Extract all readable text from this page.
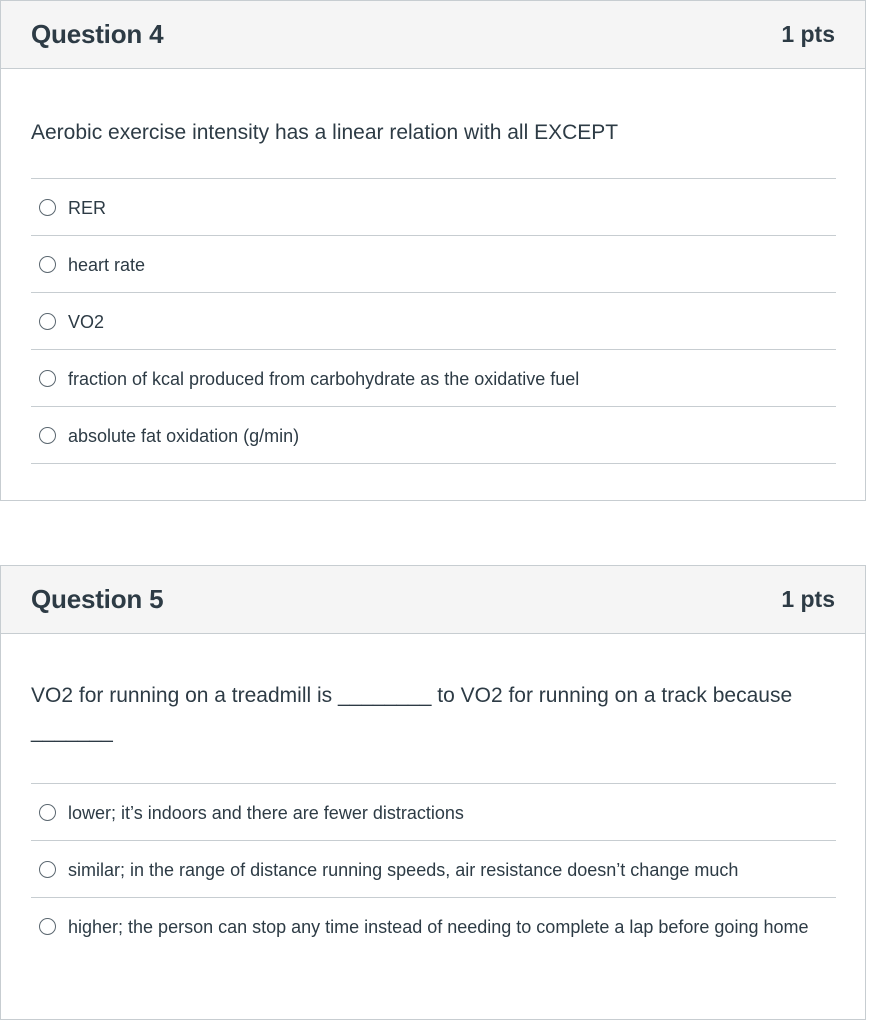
Question 4	1 pts
Aerobic exercise intensity has a linear relation with all EXCEPT
RER
heart rate
VO2
fraction of kcal produced from carbohydrate as the oxidative fuel
absolute fat oxidation (g/min)
Question 5	1 pts
VO2 for running on a treadmill is ________ to VO2 for running on a track because _______
lower; it’s indoors and there are fewer distractions
similar; in the range of distance running speeds, air resistance doesn’t change much
higher; the person can stop any time instead of needing to complete a lap before going home
